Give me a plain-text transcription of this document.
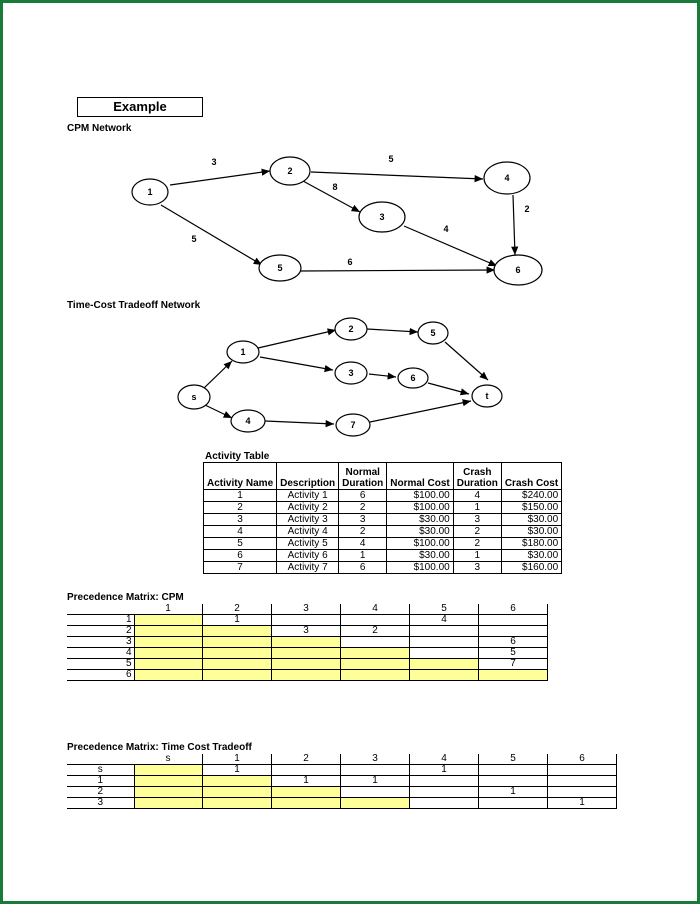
Example
CPM Network
1
2
3
4
5	6
3	5
8
4
2
5
6
Time-Cost Tradeoff Network
s
1
2
3
4
5
6
7
t
Activity Table
Activity Name	Description	Normal
Duration	Normal Cost	Crash
Duration	Crash Cost
1	Activity 1	6	$100.00	4	$240.00
2	Activity 2	2	$100.00	1	$150.00
3	Activity 3	3	$30.00	3	$30.00
4	Activity 4	2	$30.00	2	$30.00
5	Activity 5	4	$100.00	2	$180.00
6	Activity 6	1	$30.00	1	$30.00
7	Activity 7	6	$100.00	3	$160.00
Precedence Matrix: CPM
	1	2	3	4	5	6
1		1			4	
2			3	2		
3						6
4						5
5						7
6						
Precedence Matrix: Time Cost Tradeoff
	s	1	2	3	4	5	6
s		1			1		
1			1	1			
2						1	
3							1
